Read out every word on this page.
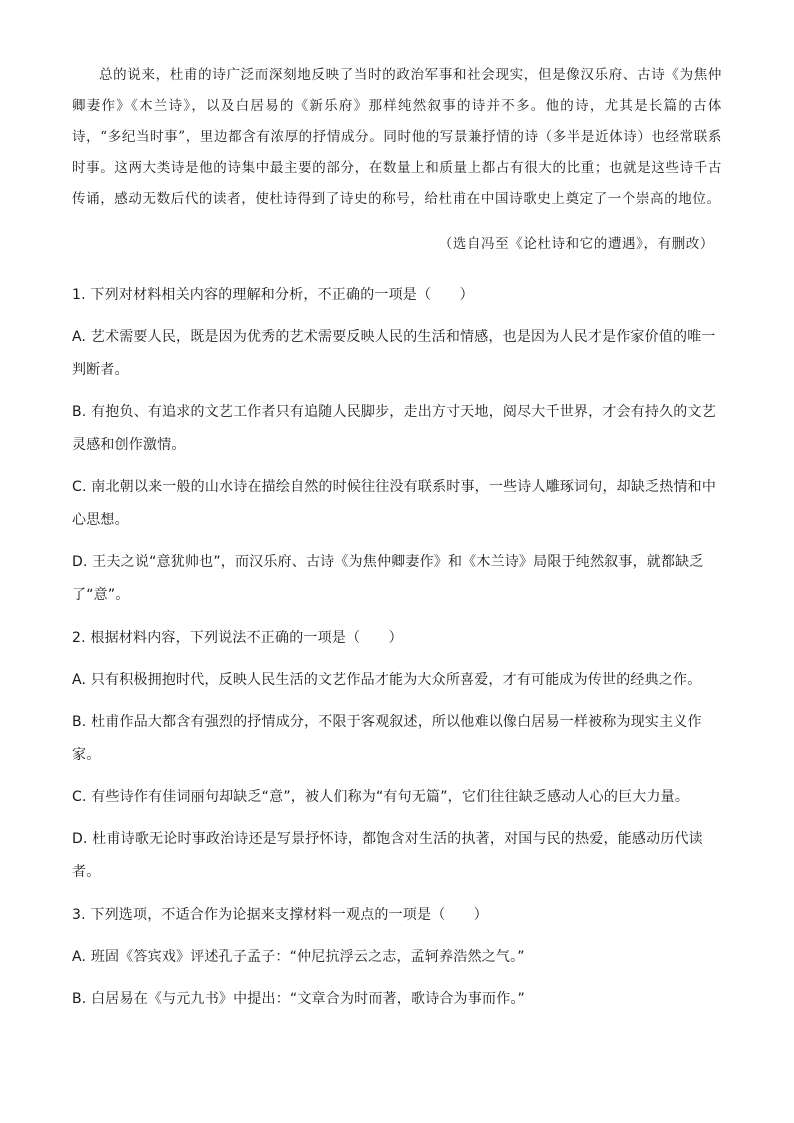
总的说来，杜甫的诗广泛而深刻地反映了当时的政治军事和社会现实，但是像汉乐府、古诗《为焦仲卿妻作》《木兰诗》，以及白居易的《新乐府》那样纯然叙事的诗并不多。他的诗，尤其是长篇的古体诗，“多纪当时事”，里边都含有浓厚的抒情成分。同时他的写景兼抒情的诗（多半是近体诗）也经常联系时事。这两大类诗是他的诗集中最主要的部分，在数量上和质量上都占有很大的比重；也就是这些诗千古传诵，感动无数后代的读者，使杜诗得到了诗史的称号，给杜甫在中国诗歌史上奠定了一个崇高的地位。

（选自冯至《论杜诗和它的遭遇》，有删改）

1. 下列对材料相关内容的理解和分析，不正确的一项是（　　）

A. 艺术需要人民，既是因为优秀的艺术需要反映人民的生活和情感，也是因为人民才是作家价值的唯一判断者。

B. 有抱负、有追求的文艺工作者只有追随人民脚步，走出方寸天地，阅尽大千世界，才会有持久的文艺灵感和创作激情。

C. 南北朝以来一般的山水诗在描绘自然的时候往往没有联系时事，一些诗人雕琢词句，却缺乏热情和中心思想。

D. 王夫之说“意犹帅也”，而汉乐府、古诗《为焦仲卿妻作》和《木兰诗》局限于纯然叙事，就都缺乏了“意”。

2. 根据材料内容，下列说法不正确的一项是（　　）

A. 只有积极拥抱时代，反映人民生活的文艺作品才能为大众所喜爱，才有可能成为传世的经典之作。

B. 杜甫作品大都含有强烈的抒情成分，不限于客观叙述，所以他难以像白居易一样被称为现实主义作家。

C. 有些诗作有佳词丽句却缺乏“意”，被人们称为“有句无篇”，它们往往缺乏感动人心的巨大力量。

D. 杜甫诗歌无论时事政治诗还是写景抒怀诗，都饱含对生活的执著，对国与民的热爱，能感动历代读者。

3. 下列选项，不适合作为论据来支撑材料一观点的一项是（　　）

A. 班固《答宾戏》评述孔子孟子：“仲尼抗浮云之志，孟轲养浩然之气。”

B. 白居易在《与元九书》中提出：“文章合为时而著，歌诗合为事而作。”
